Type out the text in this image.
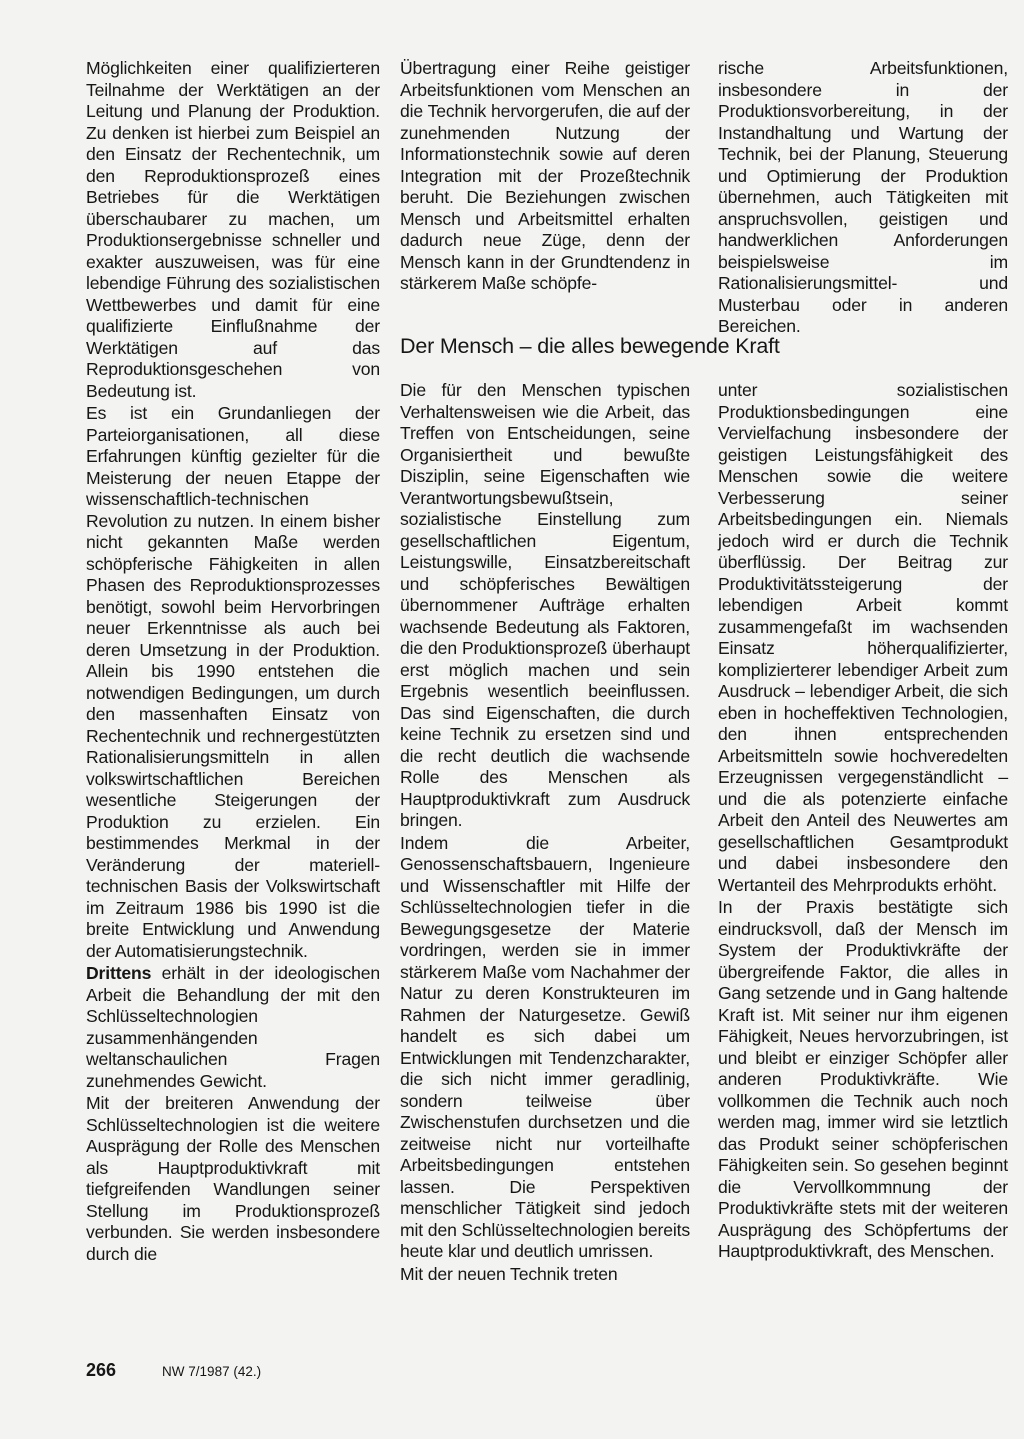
Möglichkeiten einer qualifizierteren Teilnahme der Werktätigen an der Leitung und Planung der Produktion. Zu denken ist hierbei zum Beispiel an den Einsatz der Rechentechnik, um den Reproduktionsprozeß eines Betriebes für die Werktätigen überschaubarer zu machen, um Produktionsergebnisse schneller und exakter auszuweisen, was für eine lebendige Führung des sozialistischen Wettbewerbes und damit für eine qualifizierte Einflußnahme der Werktätigen auf das Reproduktionsgeschehen von Bedeutung ist.

Es ist ein Grundanliegen der Parteiorganisationen, all diese Erfahrungen künftig gezielter für die Meisterung der neuen Etappe der wissenschaftlich-technischen Revolution zu nutzen. In einem bisher nicht gekannten Maße werden schöpferische Fähigkeiten in allen Phasen des Reproduktionsprozesses benötigt, sowohl beim Hervorbringen neuer Erkenntnisse als auch bei deren Umsetzung in der Produktion. Allein bis 1990 entstehen die notwendigen Bedingungen, um durch den massenhaften Einsatz von Rechentechnik und rechnergestützten Rationalisierungsmitteln in allen volkswirtschaftlichen Bereichen wesentliche Steigerungen der Produktion zu erzielen. Ein bestimmendes Merkmal in der Veränderung der materiell-technischen Basis der Volkswirtschaft im Zeitraum 1986 bis 1990 ist die breite Entwicklung und Anwendung der Automatisierungstechnik.

Drittens erhält in der ideologischen Arbeit die Behandlung der mit den Schlüsseltechnologien zusammenhängenden weltanschaulichen Fragen zunehmendes Gewicht.

Mit der breiteren Anwendung der Schlüsseltechnologien ist die weitere Ausprägung der Rolle des Menschen als Hauptproduktivkraft mit tiefgreifenden Wandlungen seiner Stellung im Produktionsprozeß verbunden. Sie werden insbesondere durch die

Übertragung einer Reihe geistiger Arbeitsfunktionen vom Menschen an die Technik hervorgerufen, die auf der zunehmenden Nutzung der Informationstechnik sowie auf deren Integration mit der Prozeßtechnik beruht. Die Beziehungen zwischen Mensch und Arbeitsmittel erhalten dadurch neue Züge, denn der Mensch kann in der Grundtendenz in stärkerem Maße schöpfe-

rische Arbeitsfunktionen, insbesondere in der Produktionsvorbereitung, in der Instandhaltung und Wartung der Technik, bei der Planung, Steuerung und Optimierung der Produktion übernehmen, auch Tätigkeiten mit anspruchsvollen, geistigen und handwerklichen Anforderungen beispielsweise im Rationalisierungsmittel- und Musterbau oder in anderen Bereichen.

Der Mensch – die alles bewegende Kraft

Die für den Menschen typischen Verhaltensweisen wie die Arbeit, das Treffen von Entscheidungen, seine Organisiertheit und bewußte Disziplin, seine Eigenschaften wie Verantwortungsbewußtsein, sozialistische Einstellung zum gesellschaftlichen Eigentum, Leistungswille, Einsatzbereitschaft und schöpferisches Bewältigen übernommener Aufträge erhalten wachsende Bedeutung als Faktoren, die den Produktionsprozeß überhaupt erst möglich machen und sein Ergebnis wesentlich beeinflussen. Das sind Eigenschaften, die durch keine Technik zu ersetzen sind und die recht deutlich die wachsende Rolle des Menschen als Hauptproduktivkraft zum Ausdruck bringen.

Indem die Arbeiter, Genossenschaftsbauern, Ingenieure und Wissenschaftler mit Hilfe der Schlüsseltechnologien tiefer in die Bewegungsgesetze der Materie vordringen, werden sie in immer stärkerem Maße vom Nachahmer der Natur zu deren Konstrukteuren im Rahmen der Naturgesetze. Gewiß handelt es sich dabei um Entwicklungen mit Tendenzcharakter, die sich nicht immer geradlinig, sondern teilweise über Zwischenstufen durchsetzen und die zeitweise nicht nur vorteilhafte Arbeitsbedingungen entstehen lassen. Die Perspektiven menschlicher Tätigkeit sind jedoch mit den Schlüsseltechnologien bereits heute klar und deutlich umrissen.

Mit der neuen Technik treten

unter sozialistischen Produktionsbedingungen eine Vervielfachung insbesondere der geistigen Leistungsfähigkeit des Menschen sowie die weitere Verbesserung seiner Arbeitsbedingungen ein. Niemals jedoch wird er durch die Technik überflüssig. Der Beitrag zur Produktivitätssteigerung der lebendigen Arbeit kommt zusammengefaßt im wachsenden Einsatz höherqualifizierter, komplizierterer lebendiger Arbeit zum Ausdruck – lebendiger Arbeit, die sich eben in hocheffektiven Technologien, den ihnen entsprechenden Arbeitsmitteln sowie hochveredelten Erzeugnissen vergegenständlicht – und die als potenzierte einfache Arbeit den Anteil des Neuwertes am gesellschaftlichen Gesamtprodukt und dabei insbesondere den Wertanteil des Mehrprodukts erhöht.

In der Praxis bestätigte sich eindrucksvoll, daß der Mensch im System der Produktivkräfte der übergreifende Faktor, die alles in Gang setzende und in Gang haltende Kraft ist. Mit seiner nur ihm eigenen Fähigkeit, Neues hervorzubringen, ist und bleibt er einziger Schöpfer aller anderen Produktivkräfte. Wie vollkommen die Technik auch noch werden mag, immer wird sie letztlich das Produkt seiner schöpferischen Fähigkeiten sein. So gesehen beginnt die Vervollkommnung der Produktivkräfte stets mit der weiteren Ausprägung des Schöpfertums der Hauptproduktivkraft, des Menschen.

266	NW 7/1987 (42.)
